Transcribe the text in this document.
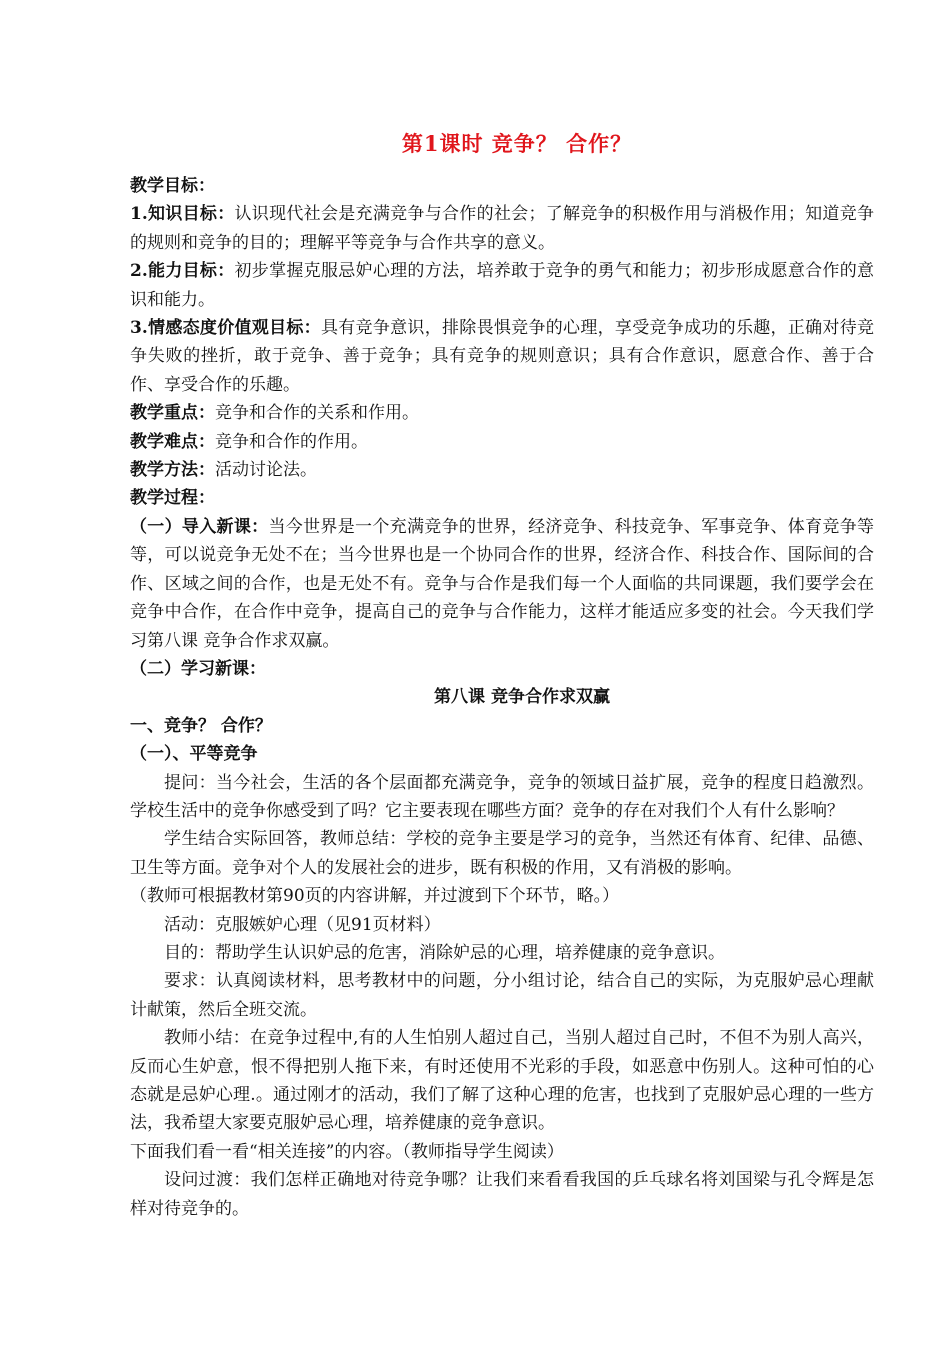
第1课时 竞争？ 合作？

教学目标：

1.知识目标：认识现代社会是充满竞争与合作的社会；了解竞争的积极作用与消极作用；知道竞争的规则和竞争的目的；理解平等竞争与合作共享的意义。

2.能力目标：初步掌握克服忌妒心理的方法，培养敢于竞争的勇气和能力；初步形成愿意合作的意识和能力。

3.情感态度价值观目标：具有竞争意识，排除畏惧竞争的心理，享受竞争成功的乐趣，正确对待竞争失败的挫折，敢于竞争、善于竞争；具有竞争的规则意识；具有合作意识，愿意合作、善于合作、享受合作的乐趣。

教学重点：竞争和合作的关系和作用。

教学难点：竞争和合作的作用。

教学方法：活动讨论法。

教学过程：

（一）导入新课：当今世界是一个充满竞争的世界，经济竞争、科技竞争、军事竞争、体育竞争等等，可以说竞争无处不在；当今世界也是一个协同合作的世界，经济合作、科技合作、国际间的合作、区域之间的合作，也是无处不有。竞争与合作是我们每一个人面临的共同课题，我们要学会在竞争中合作，在合作中竞争，提高自己的竞争与合作能力，这样才能适应多变的社会。今天我们学习第八课 竞争合作求双赢。

（二）学习新课：

第八课 竞争合作求双赢

一、竞争？ 合作？

（一）、平等竞争

提问：当今社会，生活的各个层面都充满竞争，竞争的领域日益扩展，竞争的程度日趋激烈。学校生活中的竞争你感受到了吗？它主要表现在哪些方面？竞争的存在对我们个人有什么影响？

学生结合实际回答，教师总结：学校的竞争主要是学习的竞争，当然还有体育、纪律、品德、卫生等方面。竞争对个人的发展社会的进步，既有积极的作用，又有消极的影响。

（教师可根据教材第90页的内容讲解，并过渡到下个环节，略。）

活动：克服嫉妒心理（见91页材料）

目的：帮助学生认识妒忌的危害，消除妒忌的心理，培养健康的竞争意识。

要求：认真阅读材料，思考教材中的问题，分小组讨论，结合自己的实际，为克服妒忌心理献计献策，然后全班交流。

教师小结：在竞争过程中,有的人生怕别人超过自己，当别人超过自己时，不但不为别人高兴，反而心生妒意，恨不得把别人拖下来，有时还使用不光彩的手段，如恶意中伤别人。这种可怕的心态就是忌妒心理.。通过刚才的活动，我们了解了这种心理的危害，也找到了克服妒忌心理的一些方法，我希望大家要克服妒忌心理，培养健康的竞争意识。

下面我们看一看“相关连接”的内容。（教师指导学生阅读）

设问过渡：我们怎样正确地对待竞争哪？让我们来看看我国的乒乓球名将刘国梁与孔令辉是怎样对待竞争的。
